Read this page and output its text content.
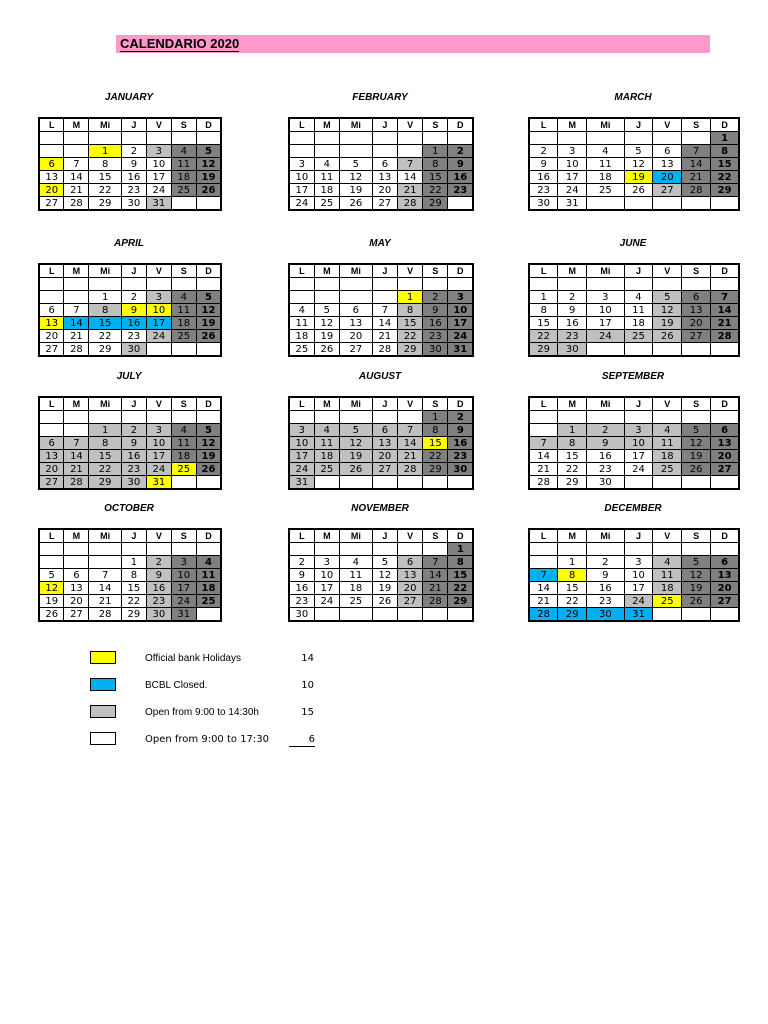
CALENDARIO 2020
JANUARY
L	M	Mi	J	V	S	D

		1	2	3	4	5
6	7	8	9	10	11	12
13	14	15	16	17	18	19
20	21	22	23	24	25	26
27	28	29	30	31		
FEBRUARY
L	M	Mi	J	V	S	D

					1	2
3	4	5	6	7	8	9
10	11	12	13	14	15	16
17	18	19	20	21	22	23
24	25	26	27	28	29	
MARCH
L	M	Mi	J	V	S	D
						1
2	3	4	5	6	7	8
9	10	11	12	13	14	15
16	17	18	19	20	21	22
23	24	25	26	27	28	29
30	31					
APRIL
L	M	Mi	J	V	S	D

		1	2	3	4	5
6	7	8	9	10	11	12
13	14	15	16	17	18	19
20	21	22	23	24	25	26
27	28	29	30			
MAY
L	M	Mi	J	V	S	D

				1	2	3
4	5	6	7	8	9	10
11	12	13	14	15	16	17
18	19	20	21	22	23	24
25	26	27	28	29	30	31
JUNE
L	M	Mi	J	V	S	D

1	2	3	4	5	6	7
8	9	10	11	12	13	14
15	16	17	18	19	20	21
22	23	24	25	26	27	28
29	30					
JULY
L	M	Mi	J	V	S	D

		1	2	3	4	5
6	7	8	9	10	11	12
13	14	15	16	17	18	19
20	21	22	23	24	25	26
27	28	29	30	31		
AUGUST
L	M	Mi	J	V	S	D
					1	2
3	4	5	6	7	8	9
10	11	12	13	14	15	16
17	18	19	20	21	22	23
24	25	26	27	28	29	30
31						
SEPTEMBER
L	M	Mi	J	V	S	D

	1	2	3	4	5	6
7	8	9	10	11	12	13
14	15	16	17	18	19	20
21	22	23	24	25	26	27
28	29	30				
OCTOBER
L	M	Mi	J	V	S	D

			1	2	3	4
5	6	7	8	9	10	11
12	13	14	15	16	17	18
19	20	21	22	23	24	25
26	27	28	29	30	31	
NOVEMBER
L	M	Mi	J	V	S	D
						1
2	3	4	5	6	7	8
9	10	11	12	13	14	15
16	17	18	19	20	21	22
23	24	25	26	27	28	29
30						
DECEMBER
L	M	Mi	J	V	S	D

	1	2	3	4	5	6
7	8	9	10	11	12	13
14	15	16	17	18	19	20
21	22	23	24	25	26	27
28	29	30	31			
Official bank Holidays	14
BCBL Closed.	10
Open from 9:00 to 14:30h	15
Open from 9:00 to 17:30	6
